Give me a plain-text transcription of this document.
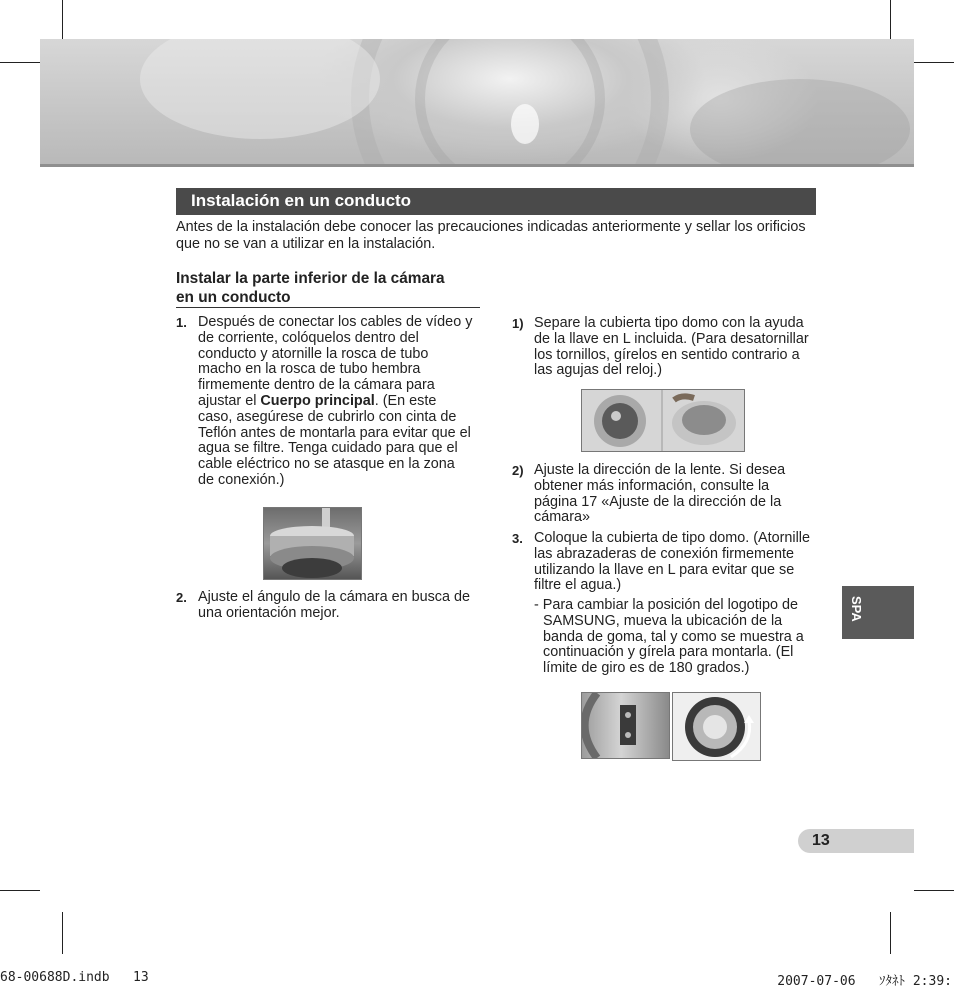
Instalación en un conducto
Antes de la instalación debe conocer las precauciones indicadas anteriormente y sellar los orificios que no se van a utilizar en la instalación.
Instalar la parte inferior de la cámara
en un conducto
1. Después de conectar los cables de vídeo y de corriente, colóquelos dentro del conducto y atornille la rosca de tubo macho en la rosca de tubo hembra firmemente dentro de la cámara para ajustar el Cuerpo principal. (En este caso, asegúrese de cubrirlo con cinta de Teflón antes de montarla para evitar que el agua se filtre. Tenga cuidado para que el cable eléctrico no se atasque en la zona de conexión.)
2. Ajuste el ángulo de la cámara en busca de una orientación mejor.
1) Separe la cubierta tipo domo con la ayuda de la llave en L incluida. (Para desatornillar los tornillos, gírelos en sentido contrario a las agujas del reloj.)
2) Ajuste la dirección de la lente. Si desea obtener más información, consulte la página 17 «Ajuste de la dirección de la cámara»
3. Coloque la cubierta de tipo domo. (Atornille las abrazaderas de conexión firmemente utilizando la llave en L para evitar que se filtre el agua.)
- Para cambiar la posición del logotipo de SAMSUNG, mueva la ubicación de la banda de goma, tal y como se muestra a continuación y gírela para montarla. (El límite de giro es de 180 grados.)
SPA
13
68-00688D.indb   13	2007-07-06   ｿﾀﾈﾄ 2:39:
